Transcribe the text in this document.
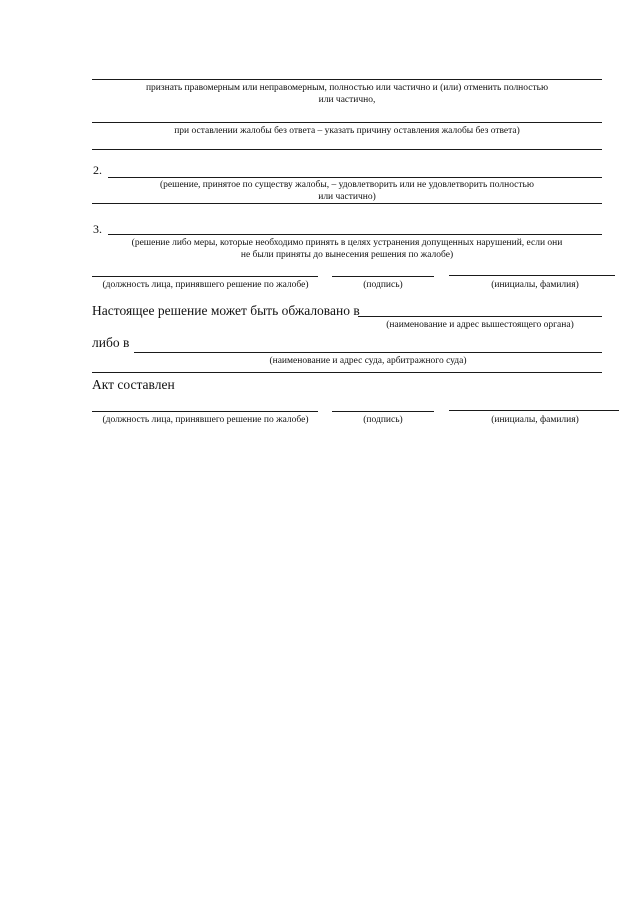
признать правомерным или неправомерным, полностью или частично и (или) отменить полностью
или частично,
при оставлении жалобы без ответа – указать причину оставления жалобы без ответа)
2.
(решение, принятое по существу жалобы, – удовлетворить или не удовлетворить полностью
или частично)
3.
(решение либо меры, которые необходимо принять в целях устранения допущенных нарушений, если они
не были приняты до вынесения решения по жалобе)
(должность лица, принявшего решение по жалобе)	(подпись)	(инициалы, фамилия)
Настоящее решение может быть обжаловано в
(наименование и адрес вышестоящего органа)
либо в
(наименование и адрес суда, арбитражного суда)
Акт составлен
(должность лица, принявшего решение по жалобе)	(подпись)	(инициалы, фамилия)
